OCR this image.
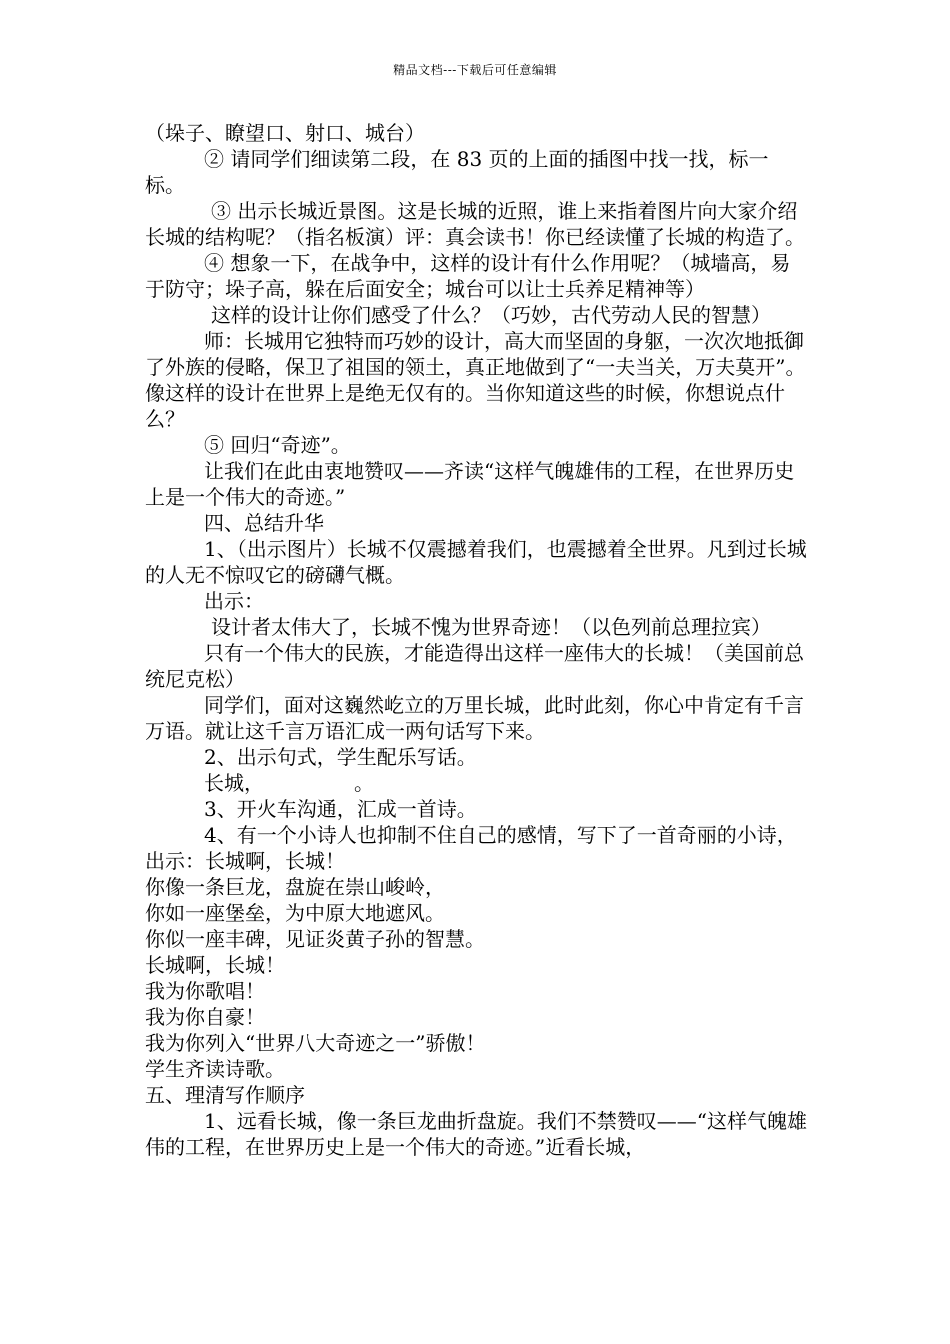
精品文档---下载后可任意编辑

（垛子、瞭望口、射口、城台）

② 请同学们细读第二段，在 83 页的上面的插图中找一找，标一标。

③ 出示长城近景图。这是长城的近照，谁上来指着图片向大家介绍长城的结构呢？（指名板演）评：真会读书！你已经读懂了长城的构造了。

④ 想象一下，在战争中，这样的设计有什么作用呢？（城墙高，易于防守；垛子高，躲在后面安全；城台可以让士兵养足精神等）

这样的设计让你们感受了什么？（巧妙，古代劳动人民的智慧）

师：长城用它独特而巧妙的设计，高大而坚固的身躯，一次次地抵御了外族的侵略，保卫了祖国的领土，真正地做到了“一夫当关，万夫莫开”。像这样的设计在世界上是绝无仅有的。当你知道这些的时候，你想说点什么？

⑤ 回归“奇迹”。

让我们在此由衷地赞叹——齐读“这样气魄雄伟的工程，在世界历史上是一个伟大的奇迹。”

四、总结升华

1、（出示图片）长城不仅震撼着我们，也震撼着全世界。凡到过长城的人无不惊叹它的磅礴气概。

出示：

设计者太伟大了，长城不愧为世界奇迹！（以色列前总理拉宾）

只有一个伟大的民族，才能造得出这样一座伟大的长城！（美国前总统尼克松）

同学们，面对这巍然屹立的万里长城，此时此刻，你心中肯定有千言万语。就让这千言万语汇成一两句话写下来。

2、出示句式，学生配乐写话。

长城，　　　　　。

3、开火车沟通，汇成一首诗。

4、有一个小诗人也抑制不住自己的感情，写下了一首奇丽的小诗，出示：长城啊，长城！

你像一条巨龙，盘旋在崇山峻岭，

你如一座堡垒，为中原大地遮风。

你似一座丰碑，见证炎黄子孙的智慧。

长城啊，长城！

我为你歌唱！

我为你自豪！

我为你列入“世界八大奇迹之一”骄傲！

学生齐读诗歌。

五、理清写作顺序

1、远看长城，像一条巨龙曲折盘旋。我们不禁赞叹——“这样气魄雄伟的工程，在世界历史上是一个伟大的奇迹。”近看长城，
